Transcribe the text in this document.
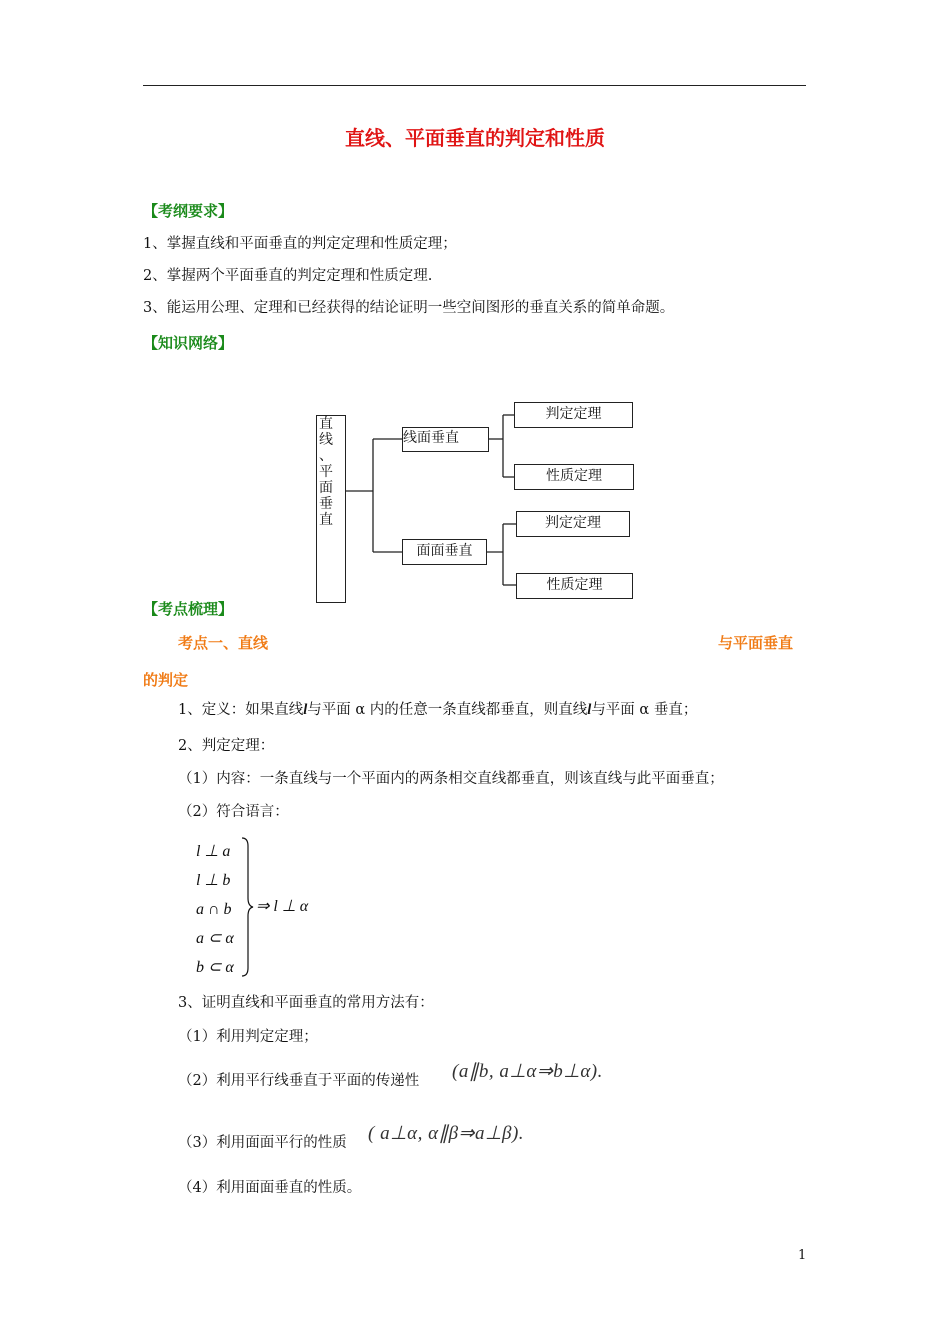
直线、平面垂直的判定和性质
【考纲要求】
1、掌握直线和平面垂直的判定定理和性质定理；
2、掌握两个平面垂直的判定定理和性质定理.
3、能运用公理、定理和已经获得的结论证明一些空间图形的垂直关系的简单命题。
【知识网络】
直
线
、
平
面
垂
直
线面垂直
面面垂直
判定定理
性质定理
判定定理
性质定理
【考点梳理】
考点一、直线	与平面垂直
的判定
1、定义：如果直线l与平面 α 内的任意一条直线都垂直，则直线l与平面 α 垂直；
2、判定定理：
（1）内容：一条直线与一个平面内的两条相交直线都垂直，则该直线与此平面垂直；
（2）符合语言：
l ⊥ a
l ⊥ b
a ∩ b
a ⊂ α
b ⊂ α
⇒ l ⊥ α
3、证明直线和平面垂直的常用方法有：
（1）利用判定定理；
（2）利用平行线垂直于平面的传递性 (a∥b, a⊥α⇒b⊥α).
（3）利用面面平行的性质 ( a⊥α, α∥β⇒a⊥β).
（4）利用面面垂直的性质。
1
